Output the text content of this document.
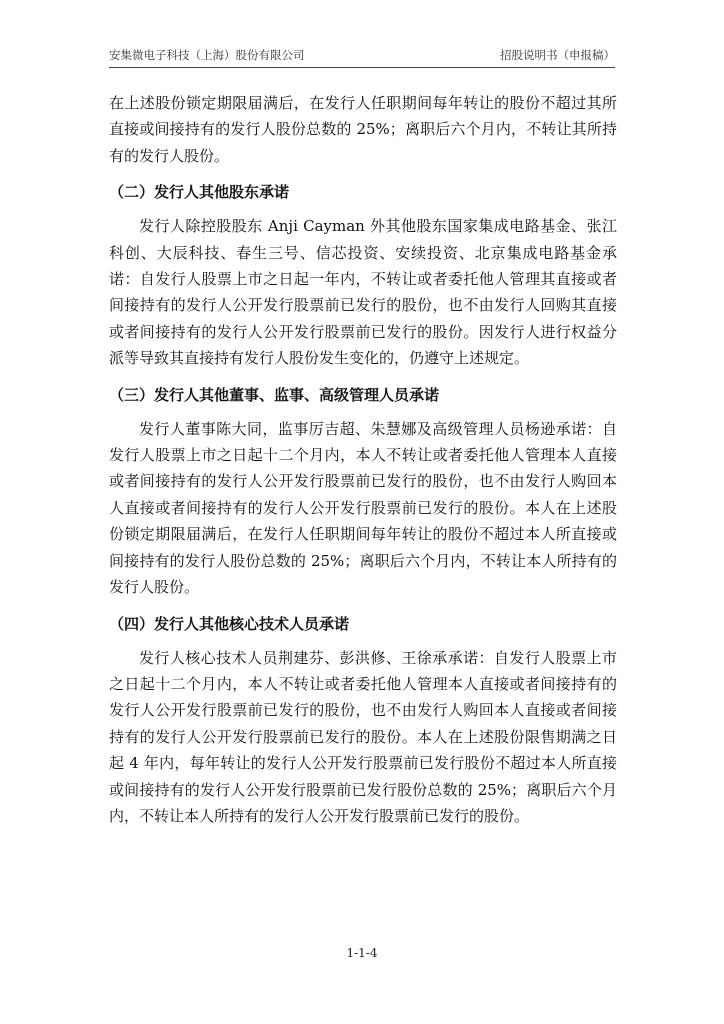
安集微电子科技（上海）股份有限公司	招股说明书（申报稿）

在上述股份锁定期限届满后，在发行人任职期间每年转让的股份不超过其所直接或间接持有的发行人股份总数的 25%；离职后六个月内，不转让其所持有的发行人股份。

（二）发行人其他股东承诺

发行人除控股股东 Anji Cayman 外其他股东国家集成电路基金、张江科创、大辰科技、春生三号、信芯投资、安续投资、北京集成电路基金承诺：自发行人股票上市之日起一年内，不转让或者委托他人管理其直接或者间接持有的发行人公开发行股票前已发行的股份，也不由发行人回购其直接或者间接持有的发行人公开发行股票前已发行的股份。因发行人进行权益分派等导致其直接持有发行人股份发生变化的，仍遵守上述规定。

（三）发行人其他董事、监事、高级管理人员承诺

发行人董事陈大同，监事厉吉超、朱慧娜及高级管理人员杨逊承诺：自发行人股票上市之日起十二个月内，本人不转让或者委托他人管理本人直接或者间接持有的发行人公开发行股票前已发行的股份，也不由发行人购回本人直接或者间接持有的发行人公开发行股票前已发行的股份。本人在上述股份锁定期限届满后，在发行人任职期间每年转让的股份不超过本人所直接或间接持有的发行人股份总数的 25%；离职后六个月内，不转让本人所持有的发行人股份。

（四）发行人其他核心技术人员承诺

发行人核心技术人员荆建芬、彭洪修、王徐承承诺：自发行人股票上市之日起十二个月内，本人不转让或者委托他人管理本人直接或者间接持有的发行人公开发行股票前已发行的股份，也不由发行人购回本人直接或者间接持有的发行人公开发行股票前已发行的股份。本人在上述股份限售期满之日起 4 年内，每年转让的发行人公开发行股票前已发行股份不超过本人所直接或间接持有的发行人公开发行股票前已发行股份总数的 25%；离职后六个月内，不转让本人所持有的发行人公开发行股票前已发行的股份。

1-1-4
